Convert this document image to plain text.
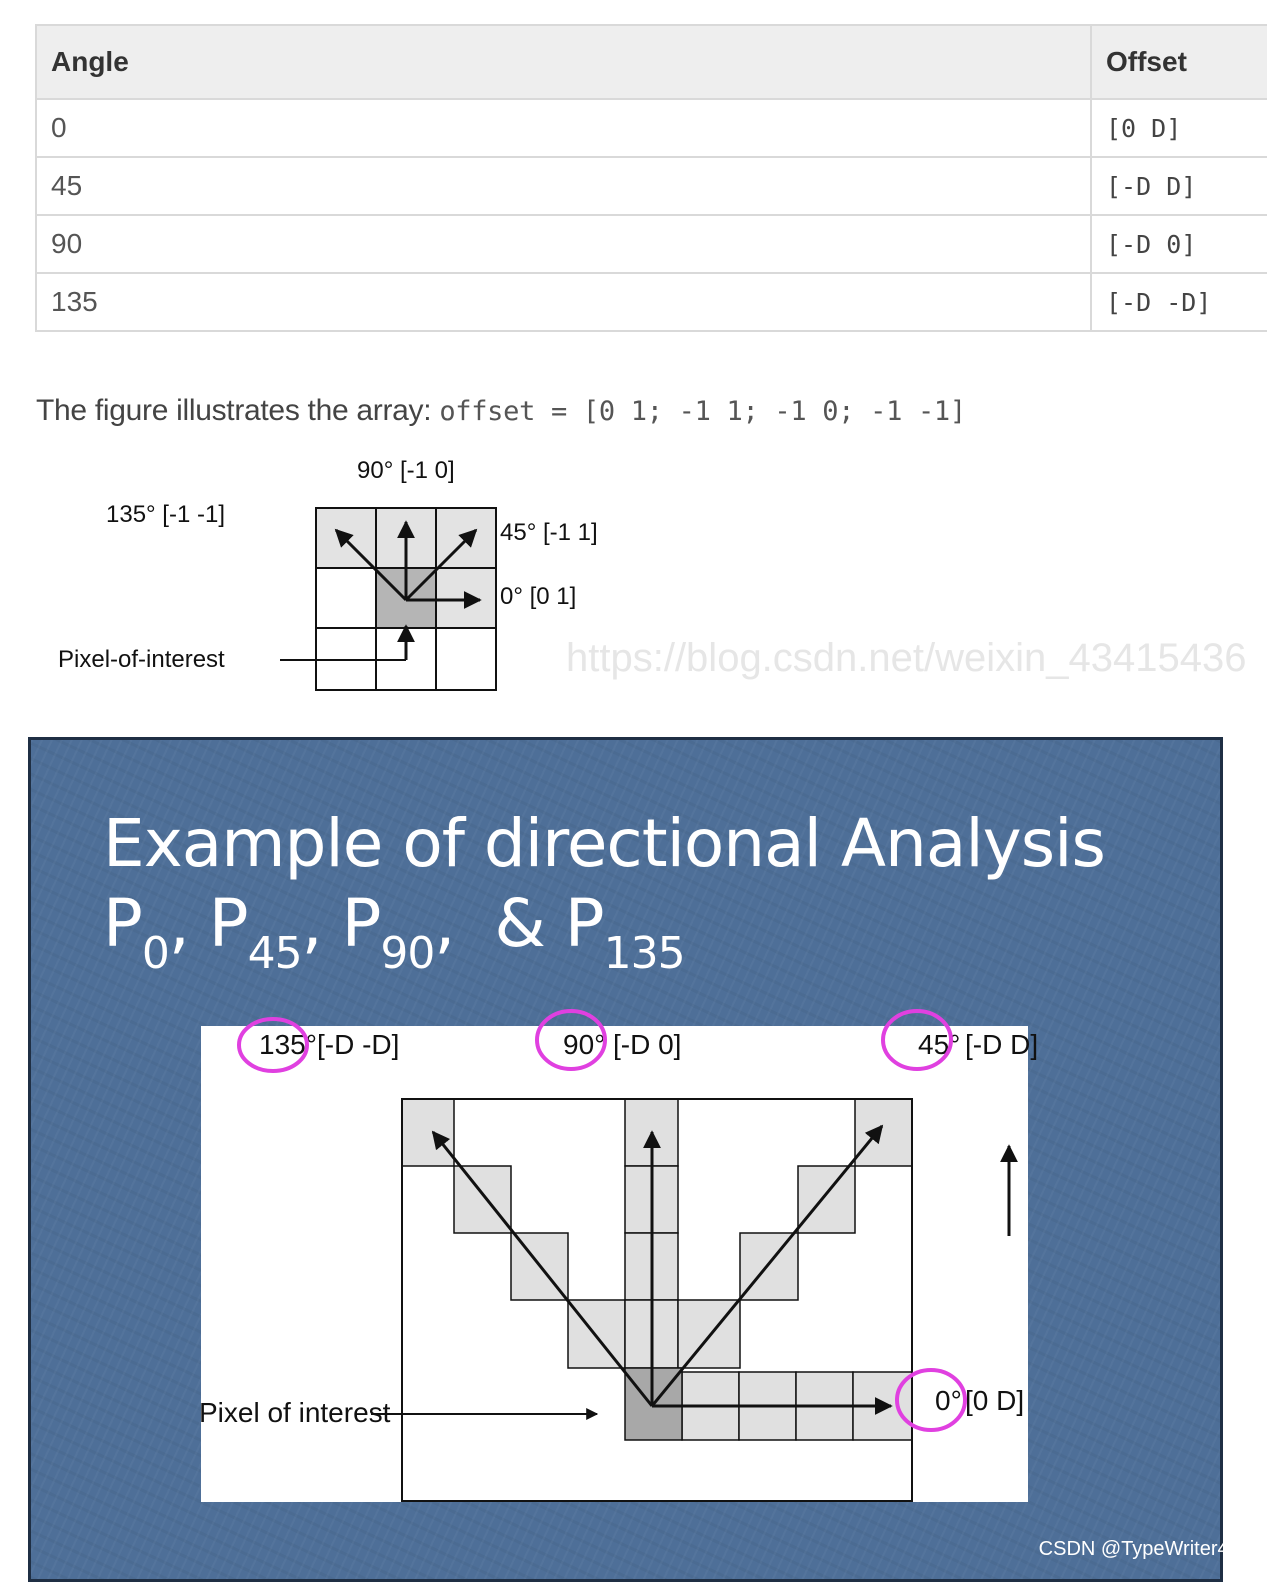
Angle	Offset
0	[0 D]
45	[-D D]
90	[-D 0]
135	[-D -D]
The figure illustrates the array: offset = [0 1; -1 1; -1 0; -1 -1]
90° [-1 0]
135° [-1 -1]
45° [-1 1]
0° [0 1]
Pixel-of-interest	https://blog.csdn.net/weixin_43415436
Example of directional Analysis
$P_0$, $P_{45}$, $P_{90}$, & $P_{135}$
135° [-D -D]	90° [-D 0]	45° [-D D]
0° [0 D]
Pixel of interest
CSDN @TypeWriter4017
